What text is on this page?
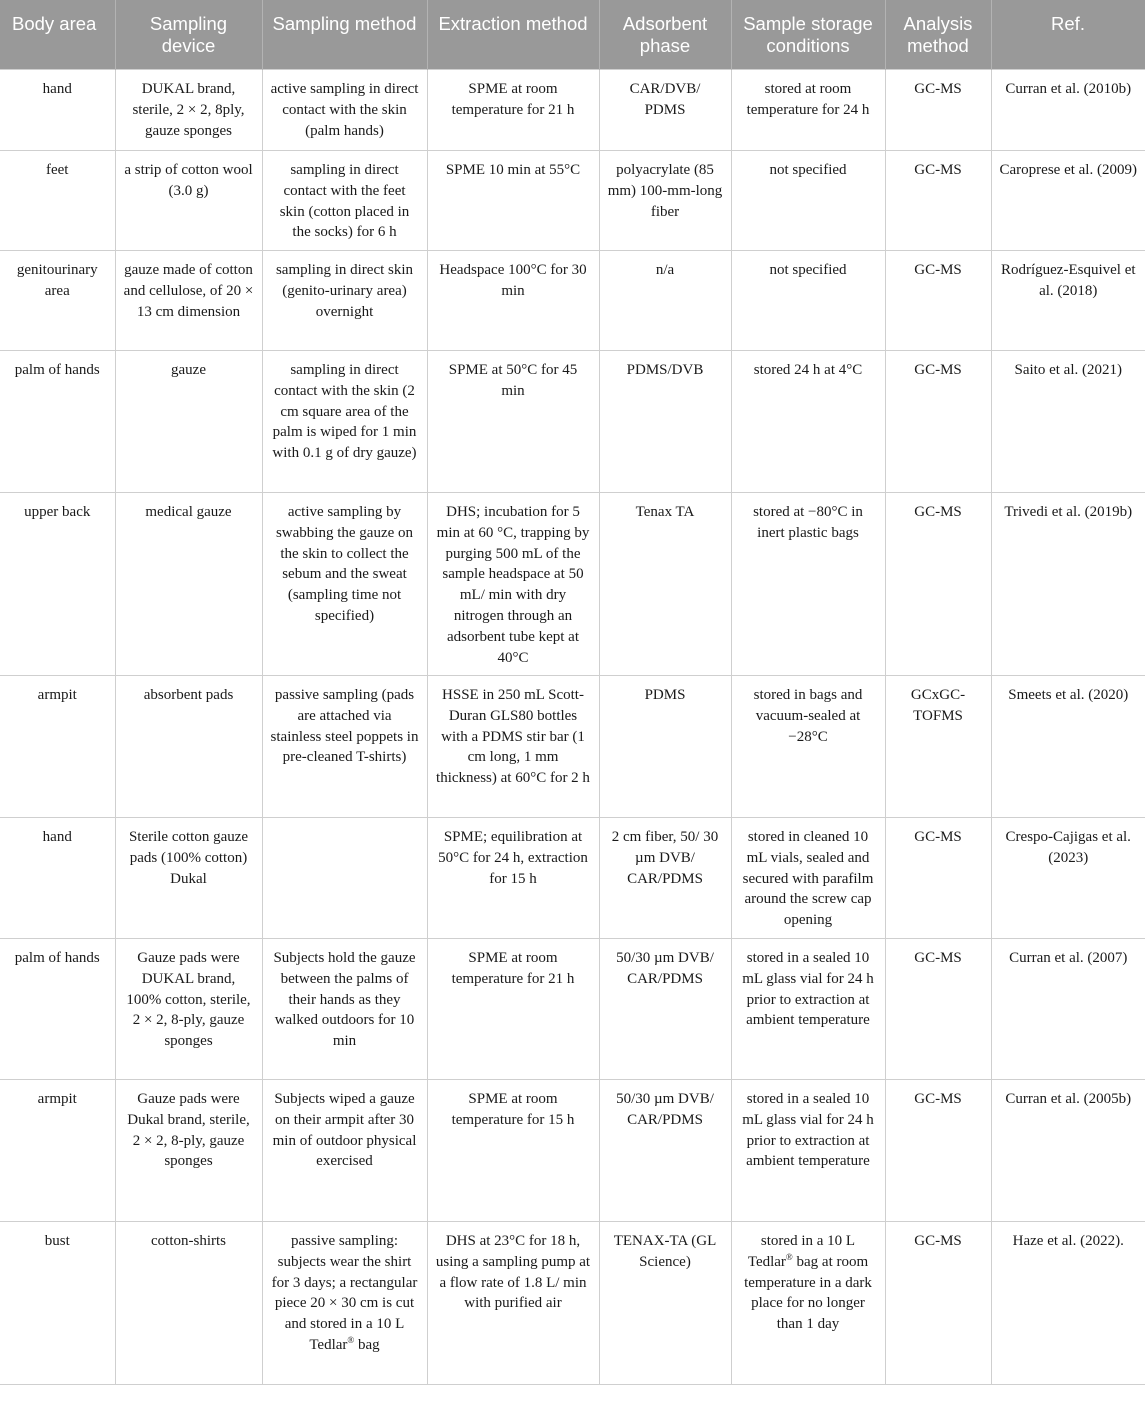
Body area	Sampling device	Sampling method	Extraction method	Adsorbent phase	Sample storage conditions	Analysis method	Ref.
hand	DUKAL brand, sterile, 2 × 2, 8ply, gauze sponges	active sampling in direct contact with the skin (palm hands)	SPME at room temperature for 21 h	CAR/DVB/ PDMS	stored at room temperature for 24 h	GC-MS	Curran et al. (2010b)
feet	a strip of cotton wool (3.0 g)	sampling in direct contact with the feet skin (cotton placed in the socks) for 6 h	SPME 10 min at 55°C	polyacrylate (85 mm) 100-mm-long fiber	not specified	GC-MS	Caroprese et al. (2009)
genitourinary area	gauze made of cotton and cellulose, of 20 × 13 cm dimension	sampling in direct skin (genito-urinary area) overnight	Headspace 100°C for 30 min	n/a	not specified	GC-MS	Rodríguez-Esquivel et al. (2018)
palm of hands	gauze	sampling in direct contact with the skin (2 cm square area of the palm is wiped for 1 min with 0.1 g of dry gauze)	SPME at 50°C for 45 min	PDMS/DVB	stored 24 h at 4°C	GC-MS	Saito et al. (2021)
upper back	medical gauze	active sampling by swabbing the gauze on the skin to collect the sebum and the sweat (sampling time not specified)	DHS; incubation for 5 min at 60 °C, trapping by purging 500 mL of the sample headspace at 50 mL/ min with dry nitrogen through an adsorbent tube kept at 40°C	Tenax TA	stored at −80°C in inert plastic bags	GC-MS	Trivedi et al. (2019b)
armpit	absorbent pads	passive sampling (pads are attached via stainless steel poppets in pre-cleaned T-shirts)	HSSE in 250 mL Scott-Duran GLS80 bottles with a PDMS stir bar (1 cm long, 1 mm thickness) at 60°C for 2 h	PDMS	stored in bags and vacuum-sealed at −28°C	GCxGC-TOFMS	Smeets et al. (2020)
hand	Sterile cotton gauze pads (100% cotton) Dukal		SPME; equilibration at 50°C for 24 h, extraction for 15 h	2 cm fiber, 50/ 30 µm DVB/ CAR/PDMS	stored in cleaned 10 mL vials, sealed and secured with parafilm around the screw cap opening	GC-MS	Crespo-Cajigas et al. (2023)
palm of hands	Gauze pads were DUKAL brand, 100% cotton, sterile, 2 × 2, 8-ply, gauze sponges	Subjects hold the gauze between the palms of their hands as they walked outdoors for 10 min	SPME at room temperature for 21 h	50/30 µm DVB/ CAR/PDMS	stored in a sealed 10 mL glass vial for 24 h prior to extraction at ambient temperature	GC-MS	Curran et al. (2007)
armpit	Gauze pads were Dukal brand, sterile, 2 × 2, 8-ply, gauze sponges	Subjects wiped a gauze on their armpit after 30 min of outdoor physical exercised	SPME at room temperature for 15 h	50/30 µm DVB/ CAR/PDMS	stored in a sealed 10 mL glass vial for 24 h prior to extraction at ambient temperature	GC-MS	Curran et al. (2005b)
bust	cotton-shirts	passive sampling: subjects wear the shirt for 3 days; a rectangular piece 20 × 30 cm is cut and stored in a 10 L Tedlar® bag	DHS at 23°C for 18 h, using a sampling pump at a flow rate of 1.8 L/ min with purified air	TENAX-TA (GL Science)	stored in a 10 L Tedlar® bag at room temperature in a dark place for no longer than 1 day	GC-MS	Haze et al. (2022).
